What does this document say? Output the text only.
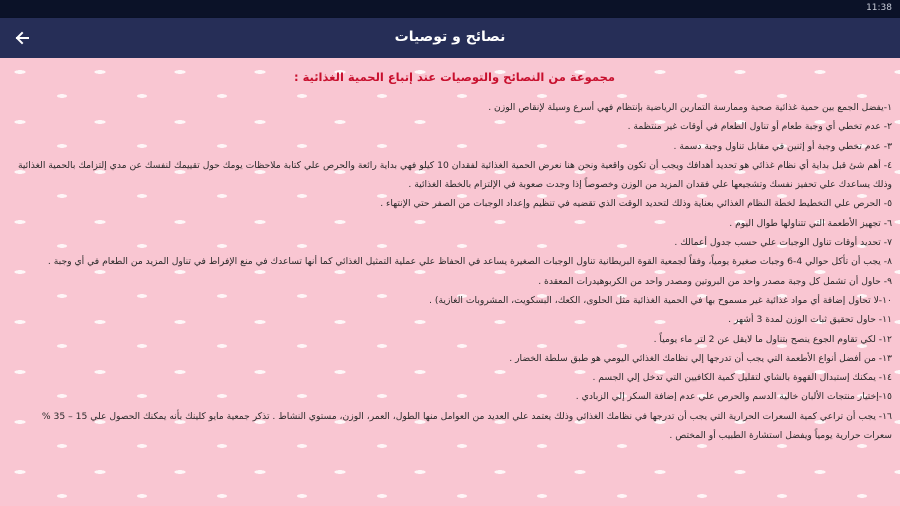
11:38
نصائح و توصيات
مجموعة من النصائح والتوصيات عند إتباع الحمية الغذائية :
١-يفضل الجمع بين حمية غذائية صحية وممارسة التمارين الرياضية بإنتظام فهي أسرع وسيلة لإنقاص الوزن .
٢- عدم تخطي أي وجبة طعام أو تناول الطعام في أوقات غير منتظمة .
٣- عدم تخطي وجبة أو إثنين في مقابل تناول وجبة دسمة .
٤- أهم شئ قبل بداية أي نظام غذائي هو تحديد أهدافك ويجب أن تكون واقعية ونحن هنا نعرض الحمية الغذائية لفقدان 10 كيلو فهي بداية رائعة والحرص علي كتابة ملاحظات يومك حول تقييمك لنفسك عن مدي إلتزامك بالحمية الغذائية وذلك يساعدك علي تحفيز نفسك وتشجيعها علي فقدان المزيد من الوزن وخصوصاً إذا وجدت صعوبة في الإلتزام بالخطة الغذائية .
٥- الحرص علي التخطيط لخطة النظام الغذائي بعناية وذلك لتحديد الوقت الذي تقضيه في تنظيم وإعداد الوجبات من الصفر حتي الإنتهاء .
٦- تجهيز الأطعمة التي تتناولها طوال اليوم .
٧- تحديد أوقات تناول الوجبات علي حسب جدول أعمالك .
٨- يجب أن تأكل حوالي 4-6 وجبات صغيرة يومياً، وفقاً لجمعية القوة البريطانية تناول الوجبات الصغيرة يساعد في الحفاظ علي عملية التمثيل الغذائي كما أنها تساعدك في منع الإفراط في تناول المزيد من الطعام في أي وجبة .
٩- حاول أن تشمل كل وجبة مصدر واحد من البروتين ومصدر واحد من الكربوهيدرات المعقدة .
١٠-لا تحاول إضافة أي مواد غذائية غير مسموح بها في الحمية الغذائية مثل الحلوى، الكعك، البسكويت، المشروبات الغازية) .
١١- حاول تحقيق ثبات الوزن لمدة 3 أشهر .
١٢- لكي تقاوم الجوع ينصح بتناول ما لايقل عن 2 لتر ماء يومياً .
١٣- من أفضل أنواع الأطعمة التي يجب أن تدرجها إلي نظامك الغذائي اليومي هو طبق سلطة الخضار .
١٤- يمكنك إستبدال القهوة بالشاي لتقليل كمية الكافيين التي تدخل إلي الجسم .
١٥-إختيار منتجات الألبان خالية الدسم والحرص علي عدم إضافة السكر إلي الزبادي .
١٦- يجب أن تراعي كمية السعرات الحرارية التي يجب أن تدرجها في نظامك الغذائي وذلك يعتمد علي العديد من العوامل منها الطول، العمر، الوزن، مستوي النشاط . تذكر جمعية مايو كلينك بأنه يمكنك الحصول علي 15 – 35 % سعرات حرارية يومياً ويفضل استشارة الطبيب أو المختص .
